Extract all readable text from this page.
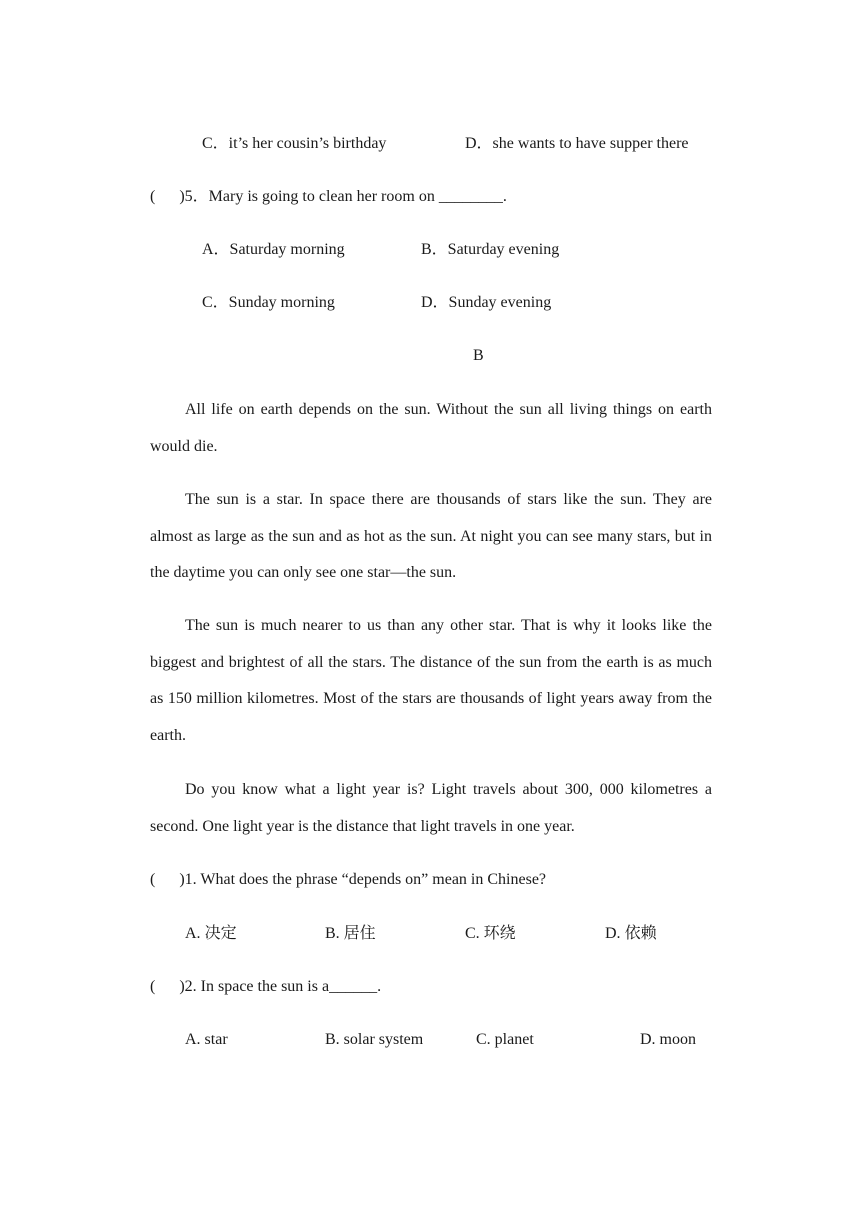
C．it’s her cousin’s birthday	D．she wants to have supper there
(      )5．Mary is going to clean her room on ________.
A．Saturday morning	B．Saturday evening
C．Sunday morning	D．Sunday evening
B
All life on earth depends on the sun. Without the sun all living things on earth would die.
The sun is a star. In space there are thousands of stars like the sun. They are almost as large as the sun and as hot as the sun. At night you can see many stars, but in the daytime you can only see one star—the sun.
The sun is much nearer to us than any other star. That is why it looks like the biggest and brightest of all the stars. The distance of the sun from the earth is as much as 150 million kilometres. Most of the stars are thousands of light years away from the earth.
Do you know what a light year is? Light travels about 300, 000 kilometres a second. One light year is the distance that light travels in one year.
(      )1. What does the phrase “depends on” mean in Chinese?
A. 决定	B. 居住	C. 环绕	D. 依赖
(      )2. In space the sun is a______.
A. star	B. solar system	C. planet	D. moon
